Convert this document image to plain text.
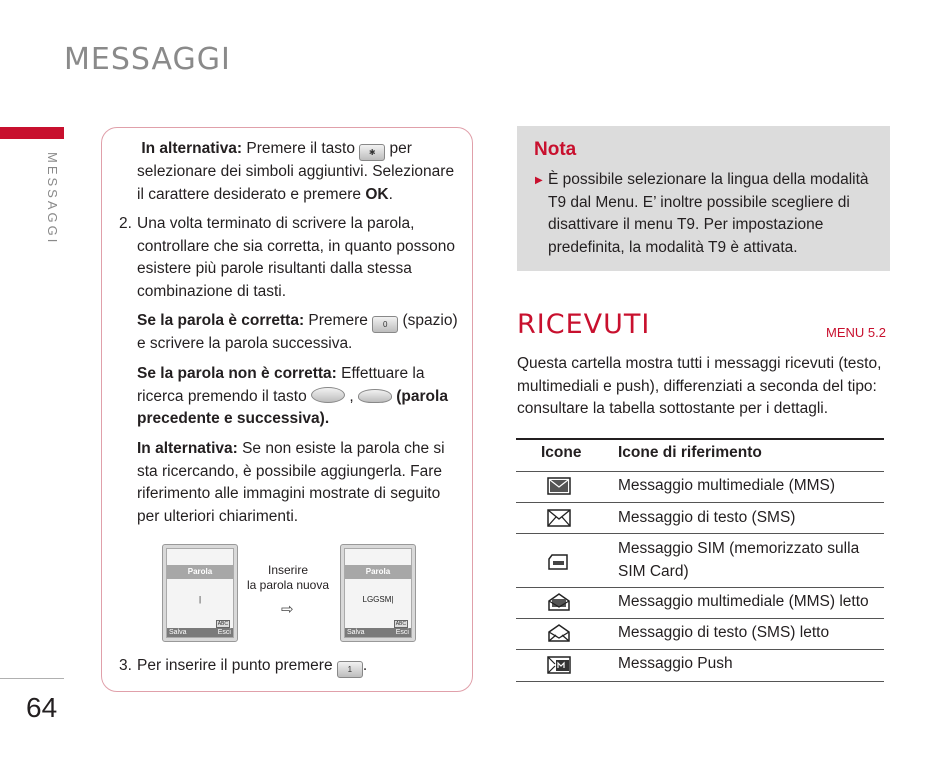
MESSAGGI
MESSAGGI
64
In alternativa: Premere il tasto ✱ per selezionare dei simboli aggiuntivi. Selezionare il carattere desiderato e premere OK.
2. Una volta terminato di scrivere la parola, controllare che sia corretta, in quanto possono esistere più parole risultanti dalla stessa combinazione di tasti.
Se la parola è corretta: Premere 0 (spazio) e scrivere la parola successiva.
Se la parola non è corretta: Effettuare la ricerca premendo il tasto  ,  (parola precedente e successiva).
In alternativa: Se non esiste la parola che si sta ricercando, è possibile aggiungerla. Fare riferimento alle immagini mostrate di seguito per ulteriori chiarimenti.
Parola
|
ABC
Salva	Esci
Inserire
la parola nuova
⇨
Parola
LGGSM|
ABC
Salva	Esci
3. Per inserire il punto premere 1 .
Nota
▶ È possibile selezionare la lingua della modalità T9 dal Menu. E’ inoltre possibile scegliere di disattivare il menu T9. Per impostazione predefinita, la modalità T9 è attivata.
RICEVUTI	MENU 5.2
Questa cartella mostra tutti i messaggi ricevuti (testo, multimediali e push), differenziati a seconda del tipo: consultare la tabella sottostante per i dettagli.
Icone Icone di riferimento
Messaggio multimediale (MMS)
Messaggio di testo (SMS)
Messaggio SIM (memorizzato sulla SIM Card)
Messaggio multimediale (MMS) letto
Messaggio di testo (SMS) letto
Messaggio Push
